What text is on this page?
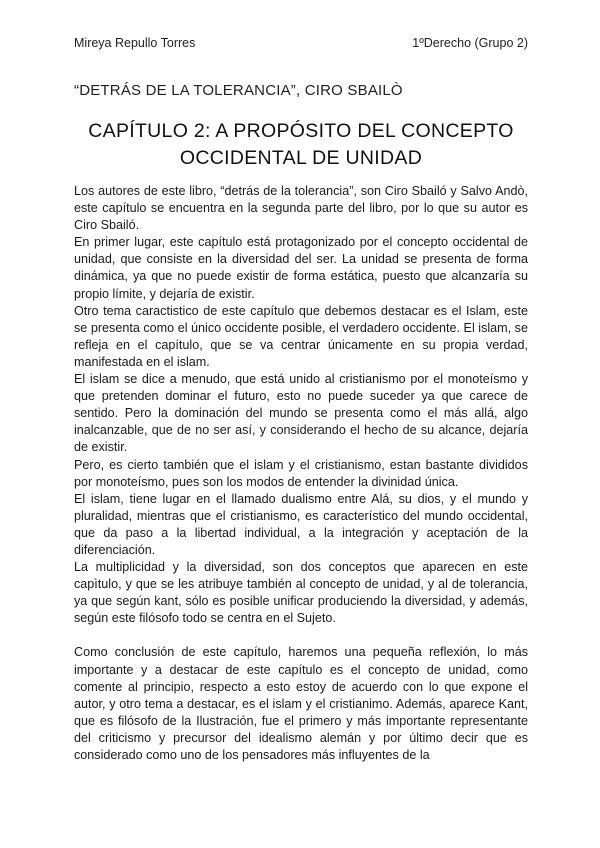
Mireya Repullo Torres	1ºDerecho (Grupo 2)
“DETRÁS DE LA TOLERANCIA”, CIRO SBAILÒ
CAPÍTULO 2: A PROPÓSITO DEL CONCEPTO
OCCIDENTAL DE UNIDAD

Los autores de este libro, “detrás de la tolerancia”, son Ciro Sbailó y Salvo Andò, este capítulo se encuentra en la segunda parte del libro, por lo que su autor es Ciro Sbailó.

En primer lugar, este capítulo está protagonizado por el concepto occidental de unidad, que consiste en la diversidad del ser. La unidad se presenta de forma dinámica, ya que no puede existir de forma estática, puesto que alcanzaría su propio límite, y dejaría de existir.

Otro tema caractistico de este capítulo que debemos destacar es el Islam, este se presenta como el único occidente posible, el verdadero occidente. El islam, se refleja en el capítulo, que se va centrar únicamente en su propia verdad, manifestada en el islam.

El islam se dice a menudo, que está unido al cristianismo por el monoteísmo y que pretenden dominar el futuro, esto no puede suceder ya que carece de sentido. Pero la dominación del mundo se presenta como el más allá, algo inalcanzable, que de no ser así, y considerando el hecho de su alcance, dejaría de existir.

Pero, es cierto también que el islam y el cristianismo, estan bastante divididos por monoteísmo, pues son los modos de entender la divinidad única.

El islam, tiene lugar en el llamado dualismo entre Alá, su dios, y el mundo y pluralidad, mientras que el cristianismo, es característico del mundo occidental, que da paso a la libertad individual, a la integración y aceptación de la diferenciación.

La multiplicidad y la diversidad, son dos conceptos que aparecen en este capìtulo, y que se les atribuye también al concepto de unidad, y al de tolerancia, ya que según kant, sólo es posible unificar produciendo la diversidad, y además, según este filósofo todo se centra en el Sujeto.

Como conclusión de este capítulo, haremos una pequeña reflexión, lo más importante y a destacar de este capítulo es el concepto de unidad, como comente al principio, respecto a esto estoy de acuerdo con lo que expone el autor, y otro tema a destacar, es el islam y el cristianimo. Además, aparece Kant, que es filósofo de la Ilustración, fue el primero y más importante representante del criticismo y precursor del idealismo alemán y por último decir que es considerado como uno de los pensadores más influyentes de la
